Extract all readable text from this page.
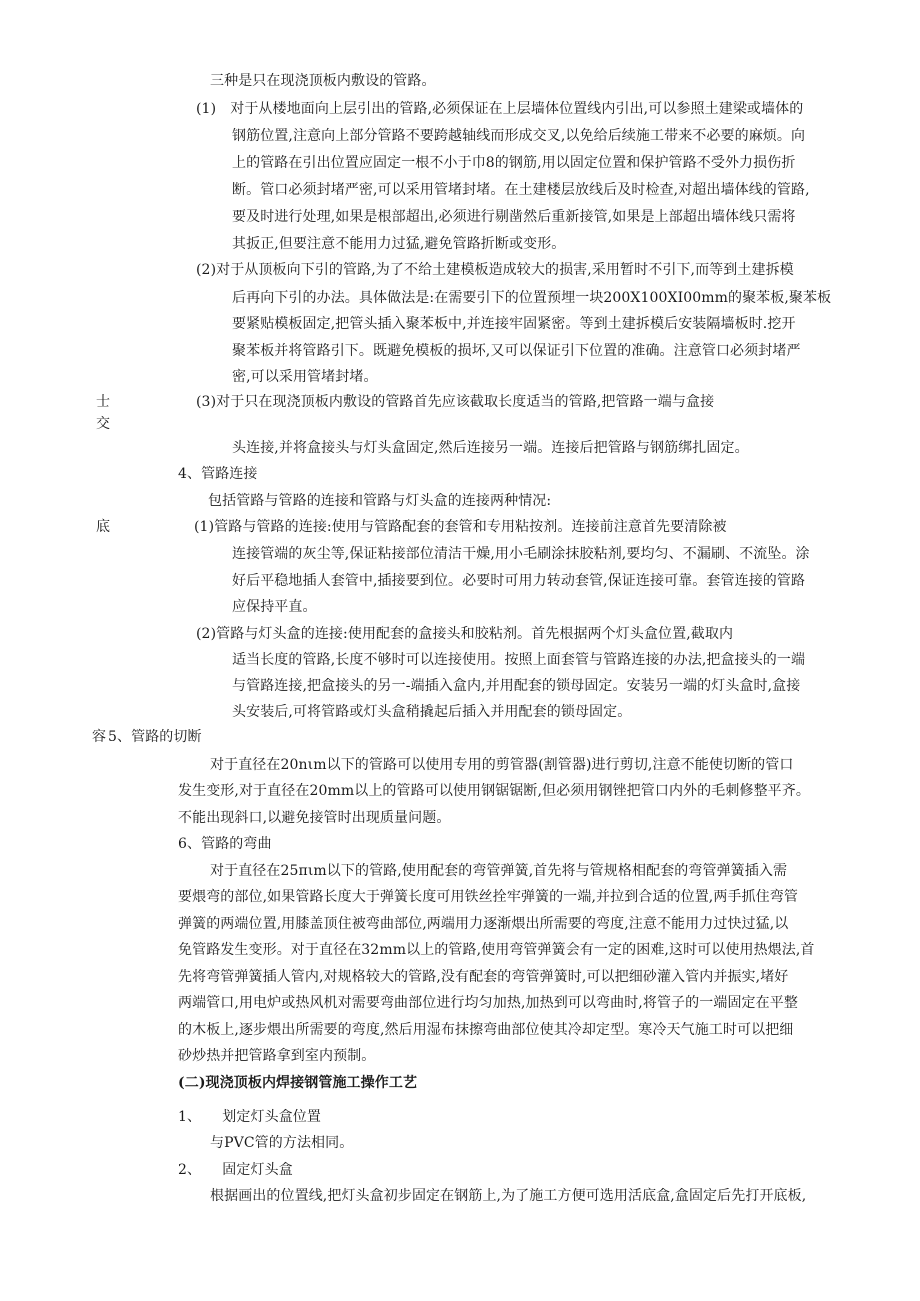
士
交
底
容
三种是只在现浇顶板内敷设的管路。
(1)　对于从楼地面向上层引出的管路,必须保证在上层墙体位置线内引出,可以参照土建梁或墙体的
钢筋位置,注意向上部分管路不要跨越轴线而形成交叉,以免给后续施工带来不必要的麻烦。向
上的管路在引出位置应固定一根不小于巾8的钢筋,用以固定位置和保护管路不受外力损伤折
断。管口必须封堵严密,可以采用管堵封堵。在土建楼层放线后及时检查,对超出墙体线的管路,
要及时进行处理,如果是根部超出,必须进行剔凿然后重新接管,如果是上部超出墙体线只需将
其扳正,但要注意不能用力过猛,避免管路折断或变形。
(2)对于从顶板向下引的管路,为了不给土建模板造成较大的损害,采用暂时不引下,而等到土建拆模
后再向下引的办法。具体做法是:在需要引下的位置预埋一块200X100XI00mm的聚苯板,聚苯板
要紧贴模板固定,把管头插入聚苯板中,并连接牢固紧密。等到土建拆模后安装隔墙板时.挖开
聚苯板并将管路引下。既避免模板的损坏,又可以保证引下位置的准确。注意管口必须封堵严
密,可以采用管堵封堵。
(3)对于只在现浇顶板内敷设的管路首先应该截取长度适当的管路,把管路一端与盒接
头连接,并将盒接头与灯头盒固定,然后连接另一端。连接后把管路与钢筋绑扎固定。
4、管路连接
包括管路与管路的连接和管路与灯头盒的连接两种情况:
(1)管路与管路的连接:使用与管路配套的套管和专用粘按剂。连接前注意首先要清除被
连接管端的灰尘等,保证粘接部位清洁干燥,用小毛刷涂抹胶粘剂,要均匀、不漏刷、不流坠。涂
好后平稳地插人套管中,插接要到位。必要时可用力转动套管,保证连接可靠。套管连接的管路
应保持平直。
(2)管路与灯头盒的连接:使用配套的盒接头和胶粘剂。首先根据两个灯头盒位置,截取内
适当长度的管路,长度不够时可以连接使用。按照上面套管与管路连接的办法,把盒接头的一端
与管路连接,把盒接头的另一-端插入盒内,并用配套的锁母固定。安装另一端的灯头盒时,盒接
头安装后,可将管路或灯头盒稍撬起后插入并用配套的锁母固定。
5、管路的切断
对于直径在20nιm以下的管路可以使用专用的剪管器(割管器)进行剪切,注意不能使切断的管口
发生变形,对于直径在20mm以上的管路可以使用钢锯锯断,但必须用钢锉把管口内外的毛刺修整平齐。
不能出现斜口,以避免接管时出现质量问题。
6、管路的弯曲
对于直径在25πιm以下的管路,使用配套的弯管弹簧,首先将与管规格相配套的弯管弹簧插入需
要煨弯的部位,如果管路长度大于弹簧长度可用铁丝拴牢弹簧的一端,并拉到合适的位置,两手抓住弯管
弹簧的两端位置,用膝盖顶住被弯曲部位,两端用力逐渐煨出所需要的弯度,注意不能用力过快过猛,以
免管路发生变形。对于直径在32mm以上的管路,使用弯管弹簧会有一定的困难,这时可以使用热煨法,首
先将弯管弹簧插人管内,对规格较大的管路,没有配套的弯管弹簧时,可以把细砂灌入管内并振实,堵好
两端管口,用电炉或热风机对需要弯曲部位进行均匀加热,加热到可以弯曲时,将管子的一端固定在平整
的木板上,逐步煨出所需要的弯度,然后用湿布抹擦弯曲部位使其冷却定型。寒冷天气施工时可以把细
砂炒热并把管路拿到室内预制。
(二)现浇顶板内焊接钢管施工操作工艺
1、　　划定灯头盒位置
与PVC管的方法相同。
2、　　固定灯头盒
根据画出的位置线,把灯头盒初步固定在钢筋上,为了施工方便可选用活底盒,盒固定后先打开底板,
